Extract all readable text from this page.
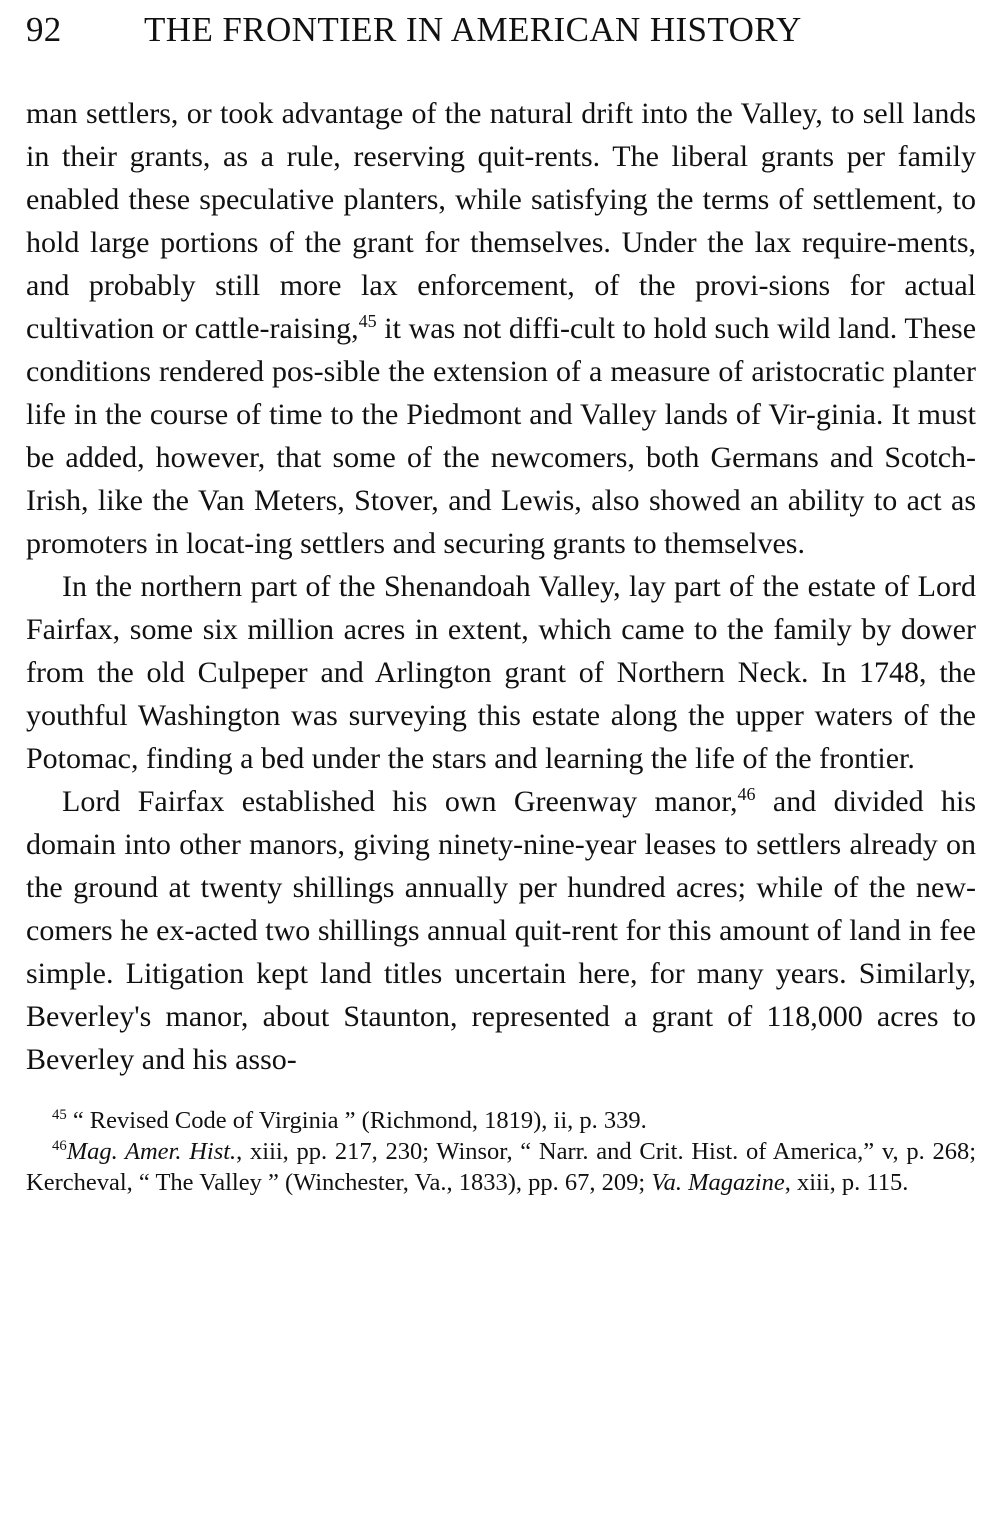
92	THE FRONTIER IN AMERICAN HISTORY

man settlers, or took advantage of the natural drift into the Valley, to sell lands in their grants, as a rule, reserving quit-rents. The liberal grants per family enabled these speculative planters, while satisfying the terms of settlement, to hold large portions of the grant for themselves. Under the lax require-ments, and probably still more lax enforcement, of the provi-sions for actual cultivation or cattle-raising,$^{45}$ it was not diffi-cult to hold such wild land. These conditions rendered pos-sible the extension of a measure of aristocratic planter life in the course of time to the Piedmont and Valley lands of Vir-ginia. It must be added, however, that some of the newcomers, both Germans and Scotch-Irish, like the Van Meters, Stover, and Lewis, also showed an ability to act as promoters in locat-ing settlers and securing grants to themselves.

In the northern part of the Shenandoah Valley, lay part of the estate of Lord Fairfax, some six million acres in extent, which came to the family by dower from the old Culpeper and Arlington grant of Northern Neck. In 1748, the youthful Washington was surveying this estate along the upper waters of the Potomac, finding a bed under the stars and learning the life of the frontier.

Lord Fairfax established his own Greenway manor,$^{46}$ and divided his domain into other manors, giving ninety-nine-year leases to settlers already on the ground at twenty shillings annually per hundred acres; while of the new-comers he ex-acted two shillings annual quit-rent for this amount of land in fee simple. Litigation kept land titles uncertain here, for many years. Similarly, Beverley's manor, about Staunton, represented a grant of 118,000 acres to Beverley and his asso-

$^{45}$ “ Revised Code of Virginia ” (Richmond, 1819), ii, p. 339.

$^{46}$Mag. Amer. Hist., xiii, pp. 217, 230; Winsor, “ Narr. and Crit. Hist. of America,” v, p. 268; Kercheval, “ The Valley ” (Winchester, Va., 1833), pp. 67, 209; Va. Magazine, xiii, p. 115.
